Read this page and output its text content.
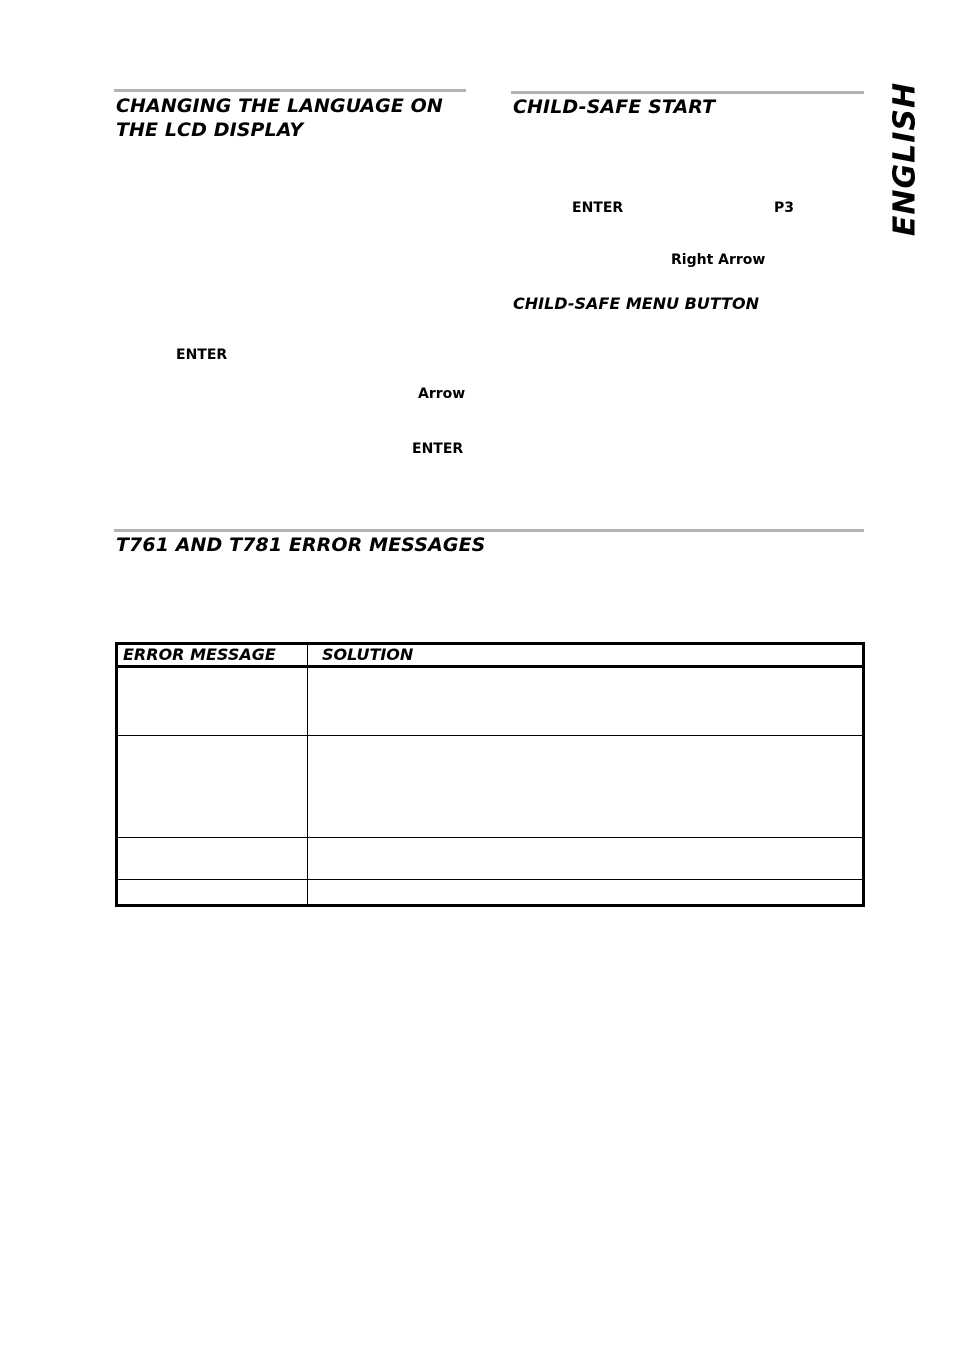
ENGLISH
CHANGING THE LANGUAGE ON
THE LCD DISPLAY
ENTER
Arrow
ENTER
CHILD-SAFE START
ENTER	P3
Right Arrow
CHILD-SAFE MENU BUTTON
T761 AND T781 ERROR MESSAGES
ERROR MESSAGE	SOLUTION
